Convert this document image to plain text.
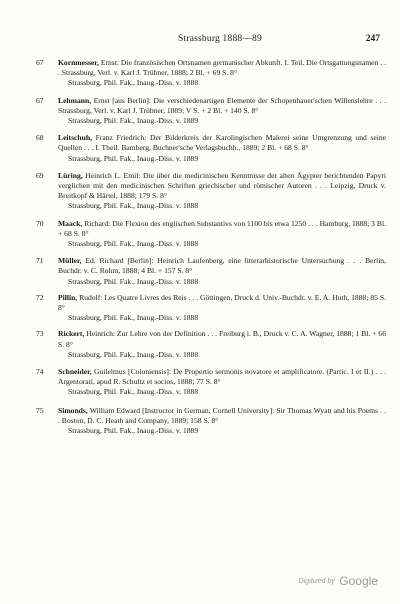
Strassburg 1888—89	247
67	Kornmesser, Ernst: Die französischen Ortsnamen germanischer Abkunft. I. Teil. Die Ortsgattungsnamen . . . Strassburg, Verl. v. Karl J. Trübner, 1888; 2 Bl. + 69 S. 8°
Strassburg, Phil. Fak., Inaug.-Diss. v. 1888
67	Lehmann, Ernst [aus Berlin]: Die verschiedenartigen Elemente der Schopenhauer'schen Willenslehre . . . Strassburg, Verl. v. Karl J. Trübner, 1889; V S. + 2 Bl. + 140 S. 8°
Strassburg, Phil. Fak., Inaug.-Diss. v. 1889
68	Leitschuh, Franz Friedrich: Der Bilderkreis der Karolingischen Malerei seine Umgrenzung und seine Quellen . . . I. Theil. Bamberg, Buchner'sche Verlagsbuchh., 1889; 2 Bl. + 68 S. 8°
Strassburg, Phil. Fak., Inaug.-Diss. v. 1889
69	Lüring, Heinrich L. Emil: Die über die medicinischen Kenntnisse der alten Ägypter berichtenden Papyri verglichen mit den medicinischen Schriften griechischer und römischer Autoren . . . Leipzig, Druck v. Breitkopf & Härtel, 1888; 179 S. 8°
Strassburg, Phil. Fak., Inaug.-Diss. v. 1888
70	Maack, Richard: Die Flexion des englischen Substantivs von 1100 bis etwa 1250 . . . Hamburg, 1888; 3 Bl. + 68 S. 8°
Strassburg, Phil. Fak., Inaug.-Diss. v. 1888
71	Müller, Ed. Richard [Berlin]: Heinrich Laufenberg, eine litterarhistorische Untersuchung . . . Berlin, Buchdr. v. C. Rohm, 1888; 4 Bl. + 157 S. 8°
Strassburg, Phil. Fak., Inaug.-Diss. v. 1888
72	Pillin, Rudolf: Les Quatre Livres des Reis . . . Göttingen, Druck d. Univ.-Buchdr. v. E. A. Huth, 1888; 85 S. 8°
Strassburg, Phil. Fak., Inaug.-Diss. v. 1888
73	Rickert, Heinrich: Zur Lehre von der Definition . . . Freiburg i. B., Druck v. C. A. Wagner, 1888; 1 Bl. + 66 S. 8°
Strassburg, Phil. Fak., Inaug.-Diss. v. 1888
74	Schneider, Guilelmus [Coloniensis]: De Propertio sermonis novatore et amplificatore. (Partic. I et II.) . . . Argentorati, apud R. Schultz et socios, 1888; 77 S. 8°
Strassburg, Phil. Fak., Inaug.-Diss. v. 1888
75	Simonds, William Edward [Instructor in German, Cornell University]: Sir Thomas Wyatt and his Poems . . . Boston, D. C. Heath and Company, 1889; 158 S. 8°
Strassburg, Phil. Fak., Inaug.-Diss. v. 1889
Digitized by Google
